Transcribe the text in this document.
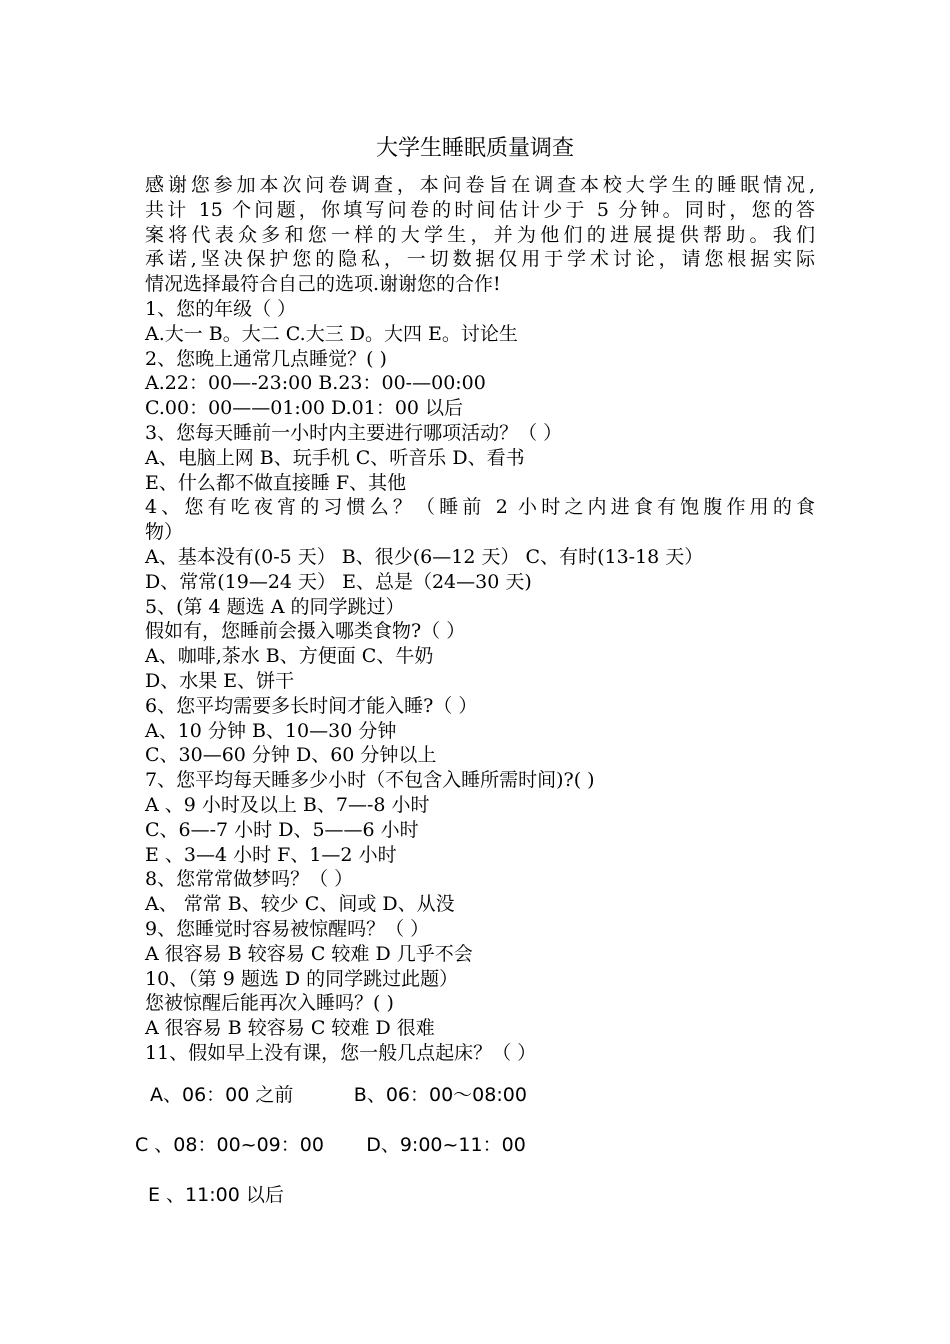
大学生睡眠质量调查
感谢您参加本次问卷调查，本问卷旨在调查本校大学生的睡眠情况,
共计 15 个问题，你填写问卷的时间估计少于 5 分钟。同时，您的答
案将代表众多和您一样的大学生，并为他们的进展提供帮助。我们
承诺,坚决保护您的隐私，一切数据仅用于学术讨论，请您根据实际
情况选择最符合自己的选项.谢谢您的合作!
1、您的年级（ ）
A.大一 B。大二 C.大三 D。大四 E。讨论生
2、您晚上通常几点睡觉？( )
A.22：00—-23:00 B.23：00-—00:00
C.00：00——01:00 D.01：00 以后
3、您每天睡前一小时内主要进行哪项活动？（ ）
A、电脑上网 B、玩手机 C、听音乐 D、看书
E、什么都不做直接睡 F、其他
4、您有吃夜宵的习惯么？（睡前 2 小时之内进食有饱腹作用的食
物）
A、基本没有(0-5 天） B、很少(6—12 天） C、有时(13-18 天）
D、常常(19—24 天） E、总是（24—30 天)
5、(第 4 题选 A 的同学跳过）
假如有，您睡前会摄入哪类食物?（ ）
A、咖啡,茶水 B、方便面 C、牛奶
D、水果 E、饼干
6、您平均需要多长时间才能入睡?（ ）
A、10 分钟 B、10—30 分钟
C、30—60 分钟 D、60 分钟以上
7、您平均每天睡多少小时（不包含入睡所需时间)?( )
A 、9 小时及以上 B、7—-8 小时
C、6—-7 小时 D、5——6 小时
E 、3—4 小时 F、1—2 小时
8、您常常做梦吗？（ ）
A、 常常 B、较少 C、间或 D、从没
9、您睡觉时容易被惊醒吗？（ ）
A 很容易 B 较容易 C 较难 D 几乎不会
10、（第 9 题选 D 的同学跳过此题）
您被惊醒后能再次入睡吗？( )
A 很容易 B 较容易 C 较难 D 很难
11、假如早上没有课，您一般几点起床？（ ）
A、06：00 之前          B、06：00～08:00
C 、08：00~09：00       D、9:00~11：00
E 、11:00 以后
